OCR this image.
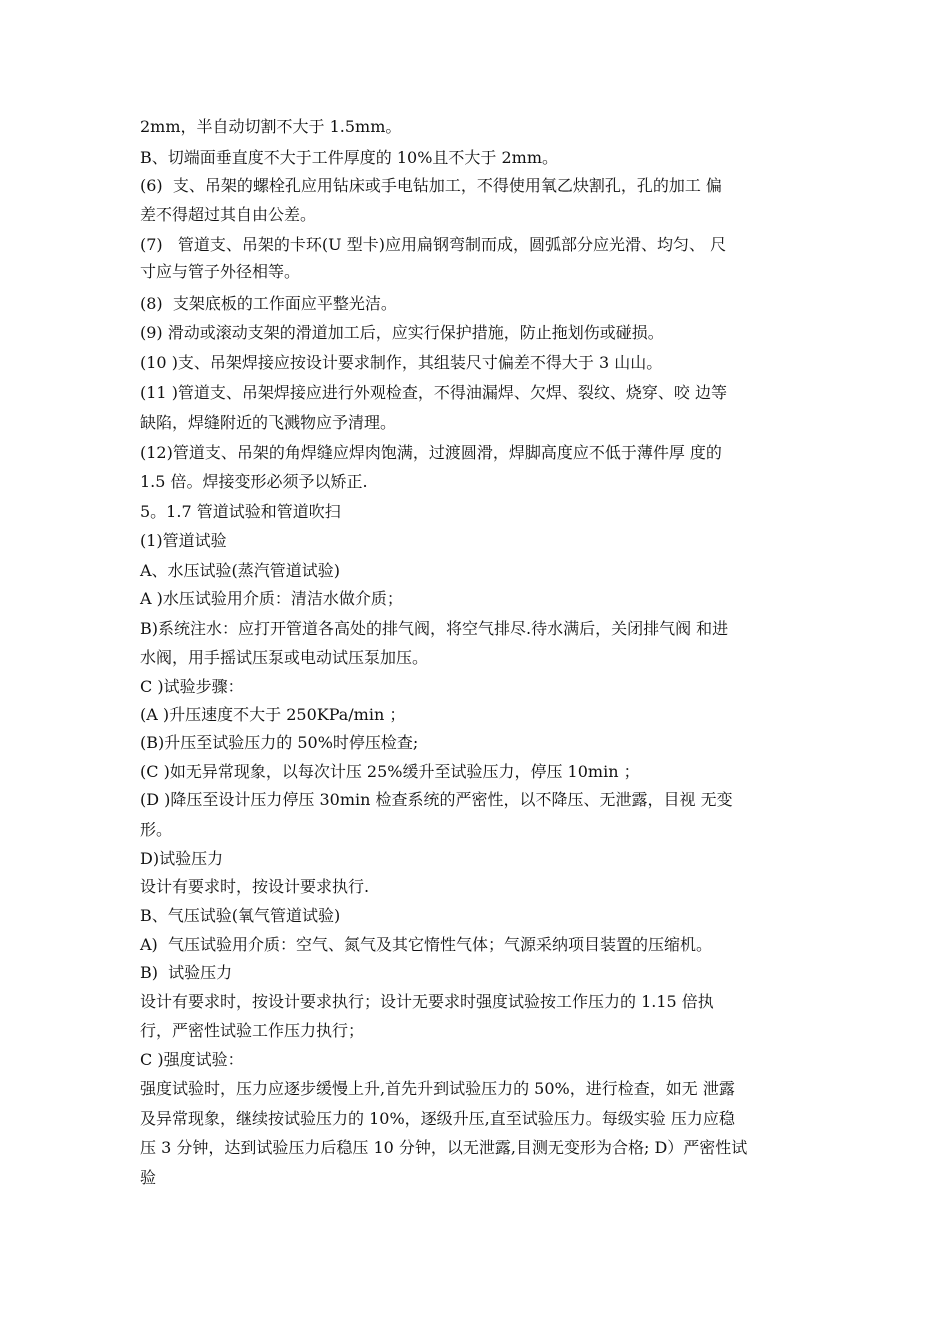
2mm，半自动切割不大于 1.5mm。

B、切端面垂直度不大于工件厚度的 10%且不大于 2mm。

(6)  支、吊架的螺栓孔应用钻床或手电钻加工，不得使用氧乙炔割孔，孔的加工 偏

差不得超过其自由公差。

(7)   管道支、吊架的卡环(U 型卡)应用扁钢弯制而成，圆弧部分应光滑、均匀、 尺

寸应与管子外径相等。

(8)  支架底板的工作面应平整光洁。

(9) 滑动或滚动支架的滑道加工后，应实行保护措施，防止拖划伤或碰损。

(10 )支、吊架焊接应按设计要求制作，其组装尺寸偏差不得大于 3 山山。

(11 )管道支、吊架焊接应进行外观检查，不得油漏焊、欠焊、裂纹、烧穿、咬 边等

缺陷，焊缝附近的飞溅物应予清理。

(12)管道支、吊架的角焊缝应焊肉饱满，过渡圆滑，焊脚高度应不低于薄件厚 度的

1.5 倍。焊接变形必须予以矫正.

5。1.7 管道试验和管道吹扫

(1)管道试验

A、水压试验(蒸汽管道试验)

A )水压试验用介质：清洁水做介质；

B)系统注水：应打开管道各高处的排气阀，将空气排尽.待水满后，关闭排气阀 和进

水阀，用手摇试压泵或电动试压泵加压。

C )试验步骤：

(A )升压速度不大于 250KPa/min ；

(B)升压至试验压力的 50%时停压检查;

(C )如无异常现象，以每次计压 25%缓升至试验压力，停压 10min ；

(D )降压至设计压力停压 30min 检查系统的严密性，以不降压、无泄露，目视 无变

形。

D)试验压力

设计有要求时，按设计要求执行.

B、气压试验(氧气管道试验)

A)  气压试验用介质：空气、氮气及其它惰性气体；气源采纳项目装置的压缩机。

B)  试验压力

设计有要求时，按设计要求执行；设计无要求时强度试验按工作压力的 1.15 倍执

行，严密性试验工作压力执行；

C )强度试验：

强度试验时，压力应逐步缓慢上升,首先升到试验压力的 50%，进行检查，如无 泄露

及异常现象，继续按试验压力的 10%，逐级升压,直至试验压力。每级实验 压力应稳

压 3 分钟，达到试验压力后稳压 10 分钟，以无泄露,目测无变形为合格; D）严密性试

验
